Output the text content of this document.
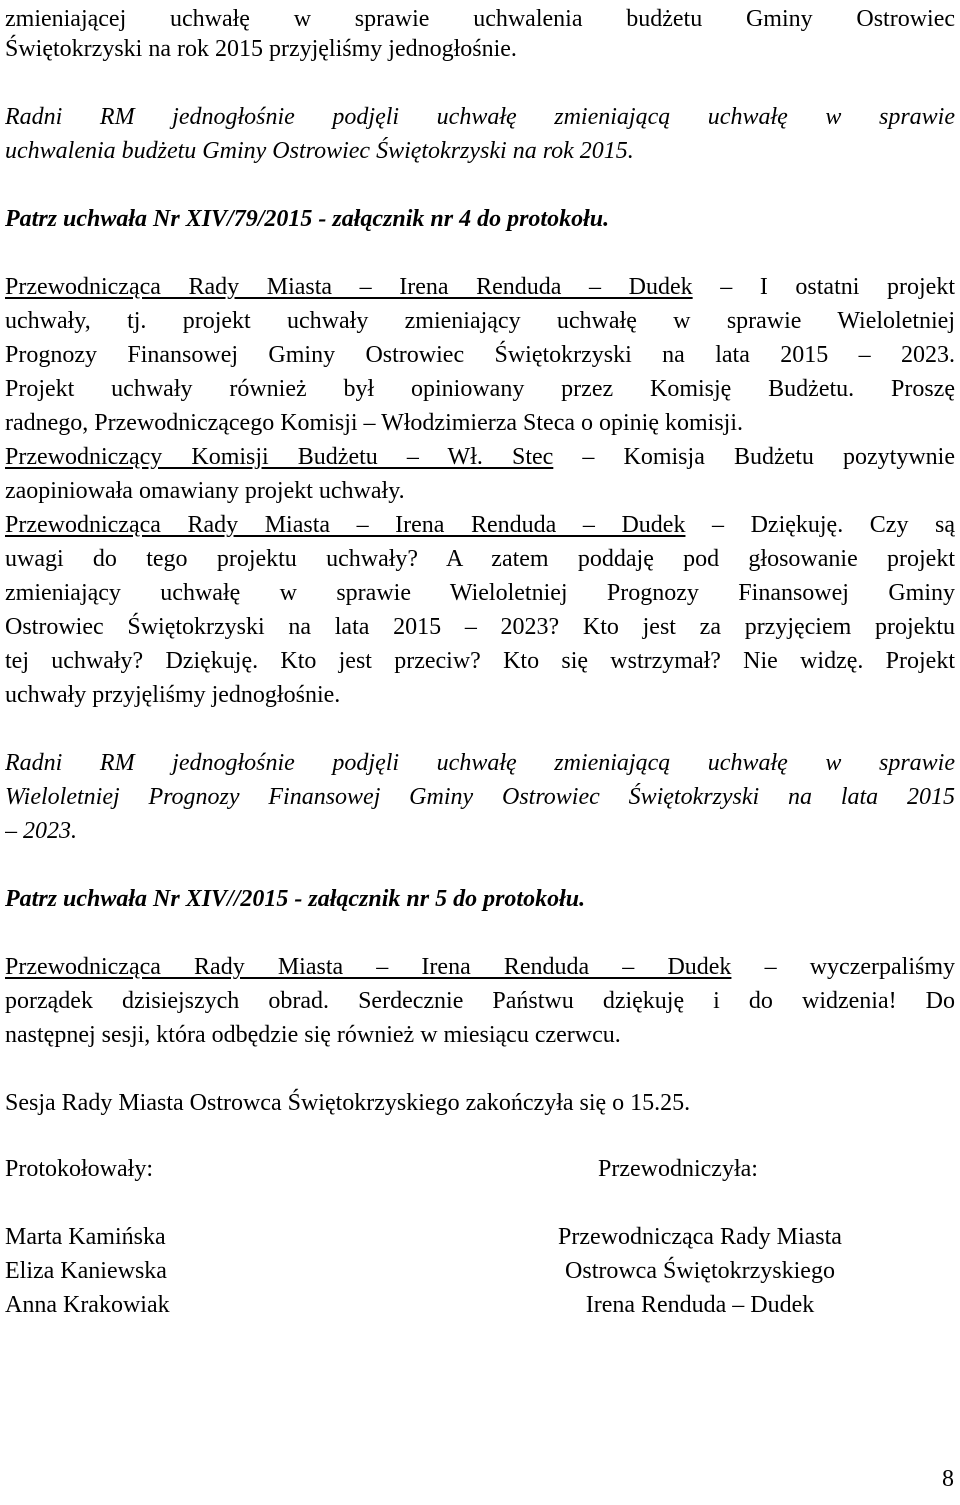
zmieniającej uchwałę w sprawie uchwalenia budżetu Gminy Ostrowiec

Świętokrzyski na rok 2015 przyjęliśmy jednogłośnie.

Radni RM jednogłośnie podjęli uchwałę zmieniającą uchwałę w sprawie

uchwalenia budżetu Gminy Ostrowiec Świętokrzyski na rok 2015.

Patrz uchwała Nr XIV/79/2015 - załącznik nr 4 do protokołu.

Przewodnicząca Rady Miasta – Irena Renduda – Dudek – I ostatni projekt

uchwały, tj. projekt uchwały zmieniający uchwałę w sprawie Wieloletniej

Prognozy Finansowej Gminy Ostrowiec Świętokrzyski na lata 2015 – 2023.

Projekt uchwały również był opiniowany przez Komisję Budżetu. Proszę

radnego, Przewodniczącego Komisji – Włodzimierza Steca o opinię komisji.

Przewodniczący Komisji Budżetu – Wł. Stec – Komisja Budżetu pozytywnie

zaopiniowała omawiany projekt uchwały.

Przewodnicząca Rady Miasta – Irena Renduda – Dudek – Dziękuję. Czy są

uwagi do tego projektu uchwały? A zatem poddaję pod głosowanie projekt

zmieniający uchwałę w sprawie Wieloletniej Prognozy Finansowej Gminy

Ostrowiec Świętokrzyski na lata 2015 – 2023? Kto jest za przyjęciem projektu

tej uchwały? Dziękuję. Kto jest przeciw? Kto się wstrzymał? Nie widzę. Projekt

uchwały przyjęliśmy jednogłośnie.

Radni RM jednogłośnie podjęli uchwałę zmieniającą uchwałę w sprawie

Wieloletniej Prognozy Finansowej Gminy Ostrowiec Świętokrzyski na lata 2015

– 2023.

Patrz uchwała Nr XIV//2015 - załącznik nr 5 do protokołu.

Przewodnicząca Rady Miasta – Irena Renduda – Dudek – wyczerpaliśmy

porządek dzisiejszych obrad. Serdecznie Państwu dziękuję i do widzenia! Do

następnej sesji, która odbędzie się również w miesiącu czerwcu.

Sesja Rady Miasta Ostrowca Świętokrzyskiego zakończyła się o 15.25.

Protokołowały:
Marta Kamińska
Eliza Kaniewska
Anna Krakowiak
Przewodniczyła:
Przewodnicząca Rady Miasta
Ostrowca Świętokrzyskiego
Irena Renduda – Dudek
8
